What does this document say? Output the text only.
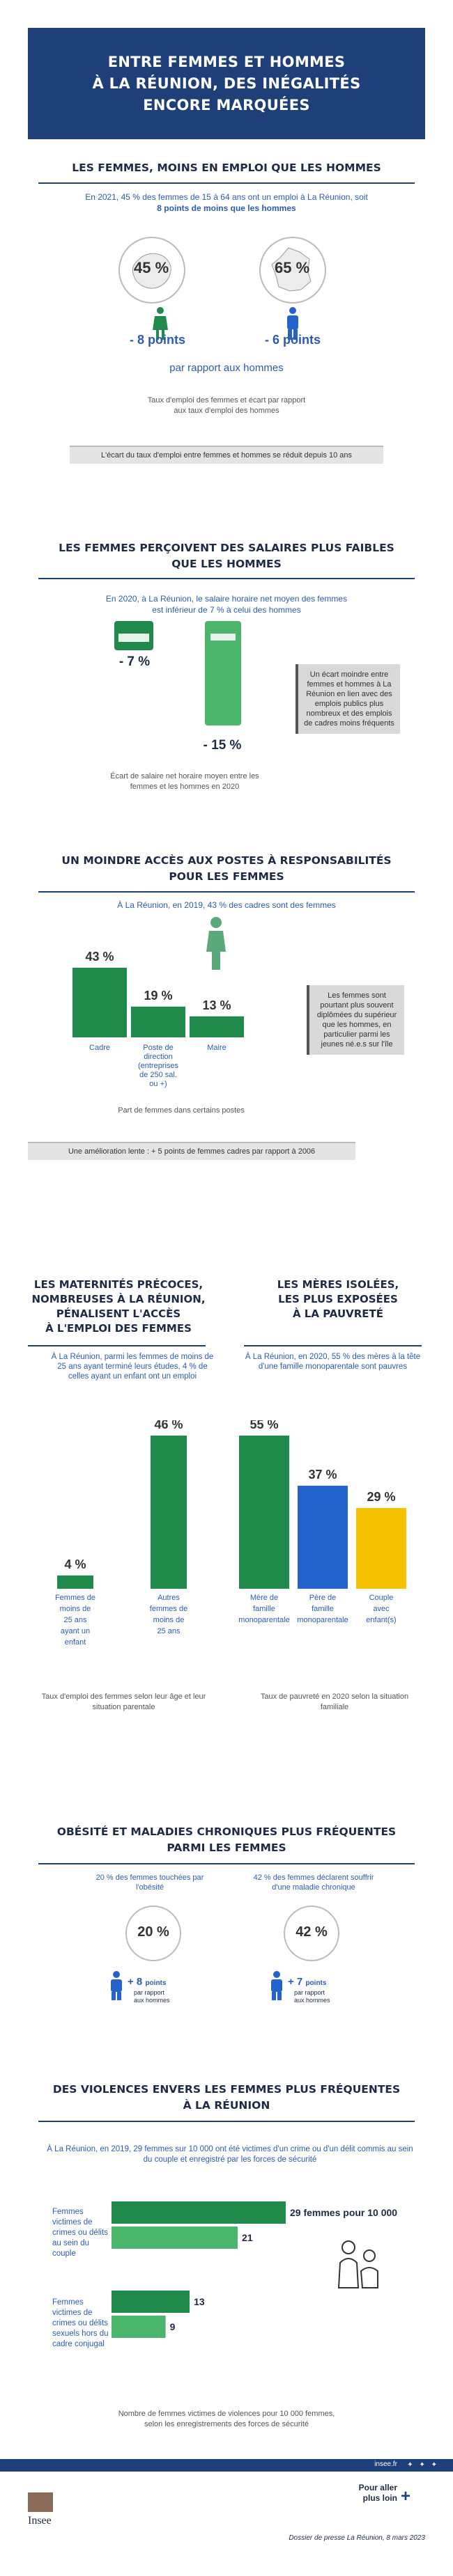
ENTRE FEMMES ET HOMMES
À LA RÉUNION, DES INÉGALITÉS
ENCORE MARQUÉES
LES FEMMES, MOINS EN EMPLOI QUE LES HOMMES
En 2021, 45 % des femmes de 15 à 64 ans ont un emploi à La Réunion, soit
8 points de moins que les hommes
45 %	65 %
- 8 points	- 6 points
par rapport aux hommes
Taux d'emploi des femmes et écart par rapport
aux taux d'emploi des hommes
L'écart du taux d'emploi entre femmes et hommes se réduit depuis 10 ans
LES FEMMES PERÇOIVENT DES SALAIRES PLUS FAIBLES
QUE LES HOMMES
En 2020, à La Réunion, le salaire horaire net moyen des femmes
est inférieur de 7 % à celui des hommes
- 7 %
- 15 %
Un écart moindre entre femmes et hommes à La Réunion en lien avec des emplois publics plus nombreux et des emplois de cadres moins fréquents
Écart de salaire net horaire moyen entre les
femmes et les hommes en 2020
UN MOINDRE ACCÈS AUX POSTES À RESPONSABILITÉS
POUR LES FEMMES
À La Réunion, en 2019, 43 % des cadres sont des femmes
43 %
Cadre
19 %
Poste de
direction
(entreprises
de 250 sal.
ou +)
13 %
Maire
Les femmes sont pourtant plus souvent diplômées du supérieur que les hommes, en particulier parmi les jeunes né.e.s sur l'île
Part de femmes dans certains postes
Une amélioration lente : + 5 points de femmes cadres par rapport à 2006
LES MATERNITÉS PRÉCOCES,
NOMBREUSES À LA RÉUNION,
PÉNALISENT L'ACCÈS
À L'EMPLOI DES FEMMES
LES MÈRES ISOLÉES,
LES PLUS EXPOSÉES
À LA PAUVRETÉ
À La Réunion, parmi les femmes de moins de 25 ans ayant terminé leurs études, 4 % de celles ayant un enfant ont un emploi
À La Réunion, en 2020, 55 % des mères à la tête d'une famille monoparentale sont pauvres
4 %
Femmes de
moins de
25 ans
ayant un
enfant
46 %
Autres
femmes de
moins de
25 ans
55 %
Mère de
famille
monoparentale
37 %
Père de
famille
monoparentale
29 %
Couple
avec
enfant(s)
Taux d'emploi des femmes selon leur âge et leur situation parentale
Taux de pauvreté en 2020 selon la situation familiale
OBÉSITÉ ET MALADIES CHRONIQUES PLUS FRÉQUENTES
PARMI LES FEMMES
20 % des femmes touchées par l'obésité
42 % des femmes déclarent souffrir d'une maladie chronique
20 %	42 %
+ 8 points
par rapport
aux hommes
+ 7 points
par rapport
aux hommes
DES VIOLENCES ENVERS LES FEMMES PLUS FRÉQUENTES
À LA RÉUNION
À La Réunion, en 2019, 29 femmes sur 10 000 ont été victimes d'un crime ou d'un délit commis au sein du couple et enregistré par les forces de sécurité
Femmes victimes de crimes ou délits au sein du couple
Femmes victimes de crimes ou délits sexuels hors du cadre conjugal
29 femmes pour 10 000
13
21
9
Nombre de femmes victimes de violences pour 10 000 femmes,
selon les enregistrements des forces de sécurité
insee.fr ✦ ✦ ✦
Pour aller plus loin +
Insee
Dossier de presse La Réunion, 8 mars 2023
